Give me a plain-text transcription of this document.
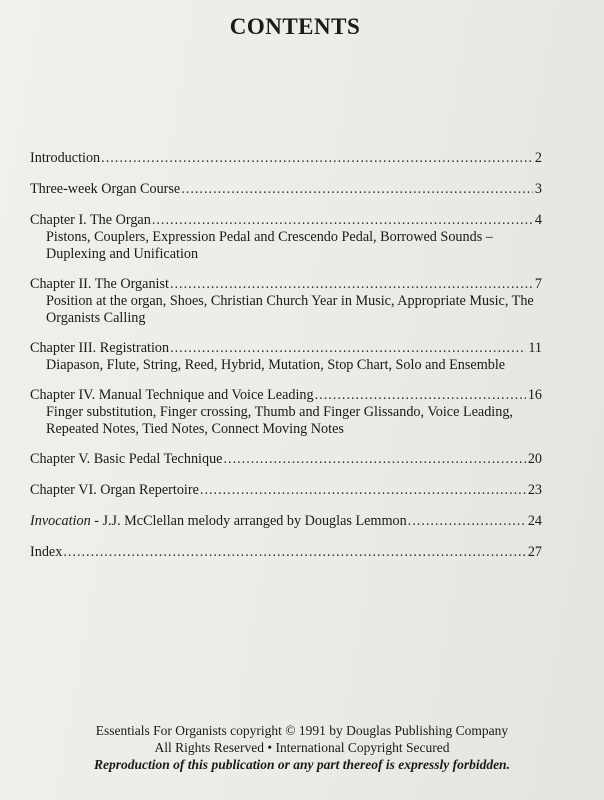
CONTENTS
Introduction .....	2
Three-week Organ Course .....	3
Chapter I. The Organ .....	4
Pistons, Couplers, Expression Pedal and Crescendo Pedal, Borrowed Sounds – Duplexing and Unification
Chapter II. The Organist .....	7
Position at the organ, Shoes, Christian Church Year in Music, Appropriate Music, The Organists Calling
Chapter III. Registration .....	11
Diapason, Flute, String, Reed, Hybrid, Mutation, Stop Chart, Solo and Ensemble
Chapter IV. Manual Technique and Voice Leading .....	16
Finger substitution, Finger crossing, Thumb and Finger Glissando, Voice Leading, Repeated Notes, Tied Notes, Connect Moving Notes
Chapter V. Basic Pedal Technique .....	20
Chapter VI. Organ Repertoire .....	23
Invocation - J.J. McClellan melody arranged by Douglas Lemmon .....	24
Index .....	27
Essentials For Organists copyright © 1991 by Douglas Publishing Company
All Rights Reserved • International Copyright Secured
Reproduction of this publication or any part thereof is expressly forbidden.
